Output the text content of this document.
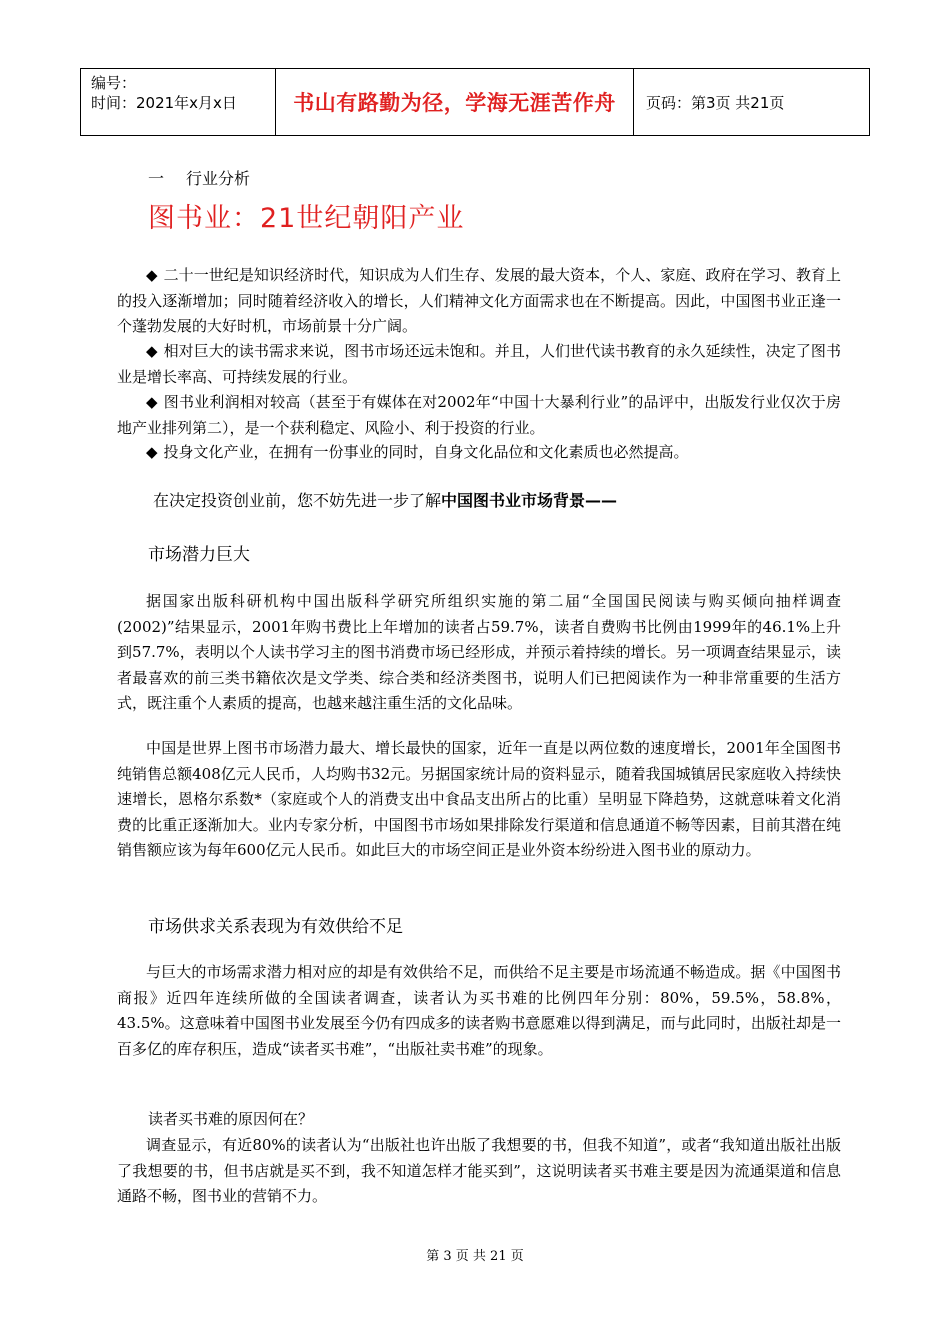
编号：
时间：2021年x月x日	书山有路勤为径，学海无涯苦作舟	页码：第3页 共21页
一 行业分析
图书业：21世纪朝阳产业
◆ 二十一世纪是知识经济时代，知识成为人们生存、发展的最大资本，个人、家庭、政府在学习、教育上的投入逐渐增加；同时随着经济收入的增长，人们精神文化方面需求也在不断提高。因此，中国图书业正逢一个蓬勃发展的大好时机，市场前景十分广阔。
◆ 相对巨大的读书需求来说，图书市场还远未饱和。并且，人们世代读书教育的永久延续性，决定了图书业是增长率高、可持续发展的行业。
◆ 图书业利润相对较高（甚至于有媒体在对2002年“中国十大暴利行业”的品评中，出版发行业仅次于房地产业排列第二），是一个获利稳定、风险小、利于投资的行业。
◆ 投身文化产业，在拥有一份事业的同时，自身文化品位和文化素质也必然提高。
在决定投资创业前，您不妨先进一步了解中国图书业市场背景——
市场潜力巨大
据国家出版科研机构中国出版科学研究所组织实施的第二届“全国国民阅读与购买倾向抽样调查(2002)”结果显示，2001年购书费比上年增加的读者占59.7%，读者自费购书比例由1999年的46.1%上升到57.7%，表明以个人读书学习主的图书消费市场已经形成，并预示着持续的增长。另一项调查结果显示，读者最喜欢的前三类书籍依次是文学类、综合类和经济类图书，说明人们已把阅读作为一种非常重要的生活方式，既注重个人素质的提高，也越来越注重生活的文化品味。
中国是世界上图书市场潜力最大、增长最快的国家，近年一直是以两位数的速度增长，2001年全国图书纯销售总额408亿元人民币，人均购书32元。另据国家统计局的资料显示，随着我国城镇居民家庭收入持续快速增长，恩格尔系数*（家庭或个人的消费支出中食品支出所占的比重）呈明显下降趋势，这就意味着文化消费的比重正逐渐加大。业内专家分析，中国图书市场如果排除发行渠道和信息通道不畅等因素，目前其潜在纯销售额应该为每年600亿元人民币。如此巨大的市场空间正是业外资本纷纷进入图书业的原动力。
市场供求关系表现为有效供给不足
与巨大的市场需求潜力相对应的却是有效供给不足，而供给不足主要是市场流通不畅造成。据《中国图书商报》近四年连续所做的全国读者调查，读者认为买书难的比例四年分别：80%，59.5%，58.8%，43.5%。这意味着中国图书业发展至今仍有四成多的读者购书意愿难以得到满足，而与此同时，出版社却是一百多亿的库存积压，造成“读者买书难”，“出版社卖书难”的现象。
读者买书难的原因何在？
调查显示，有近80%的读者认为“出版社也许出版了我想要的书，但我不知道”，或者“我知道出版社出版了我想要的书，但书店就是买不到，我不知道怎样才能买到”，这说明读者买书难主要是因为流通渠道和信息通路不畅，图书业的营销不力。
第 3 页 共 21 页
